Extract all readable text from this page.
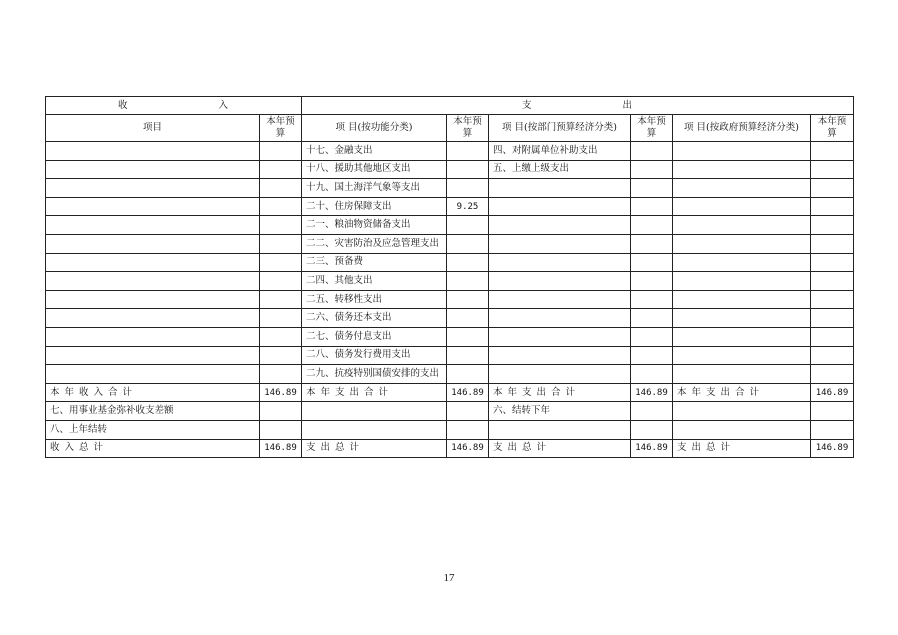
收 入		支 出					
项目	本年预算	项 目(按功能分类)	本年预算	项 目(按部门预算经济分类)	本年预算	项 目(按政府预算经济分类)	本年预算
		十七、金融支出		四、对附属单位补助支出			
		十八、援助其他地区支出		五、上缴上级支出			
		十九、国土海洋气象等支出					
		二十、住房保障支出	9.25				
		二一、粮油物资储备支出					
		二二、灾害防治及应急管理支出					
		二三、预备费					
		二四、其他支出					
		二五、转移性支出					
		二六、债务还本支出					
		二七、债务付息支出					
		二八、债务发行费用支出					
		二九、抗疫特别国债安排的支出					
本年收入合计	146.89	本年支出合计	146.89	本年支出合计	146.89	本年支出合计	146.89
七、用事业基金弥补收支差额				六、结转下年			
八、上年结转							
收入总计	146.89	支出总计	146.89	支出总计	146.89	支出总计	146.89
17
